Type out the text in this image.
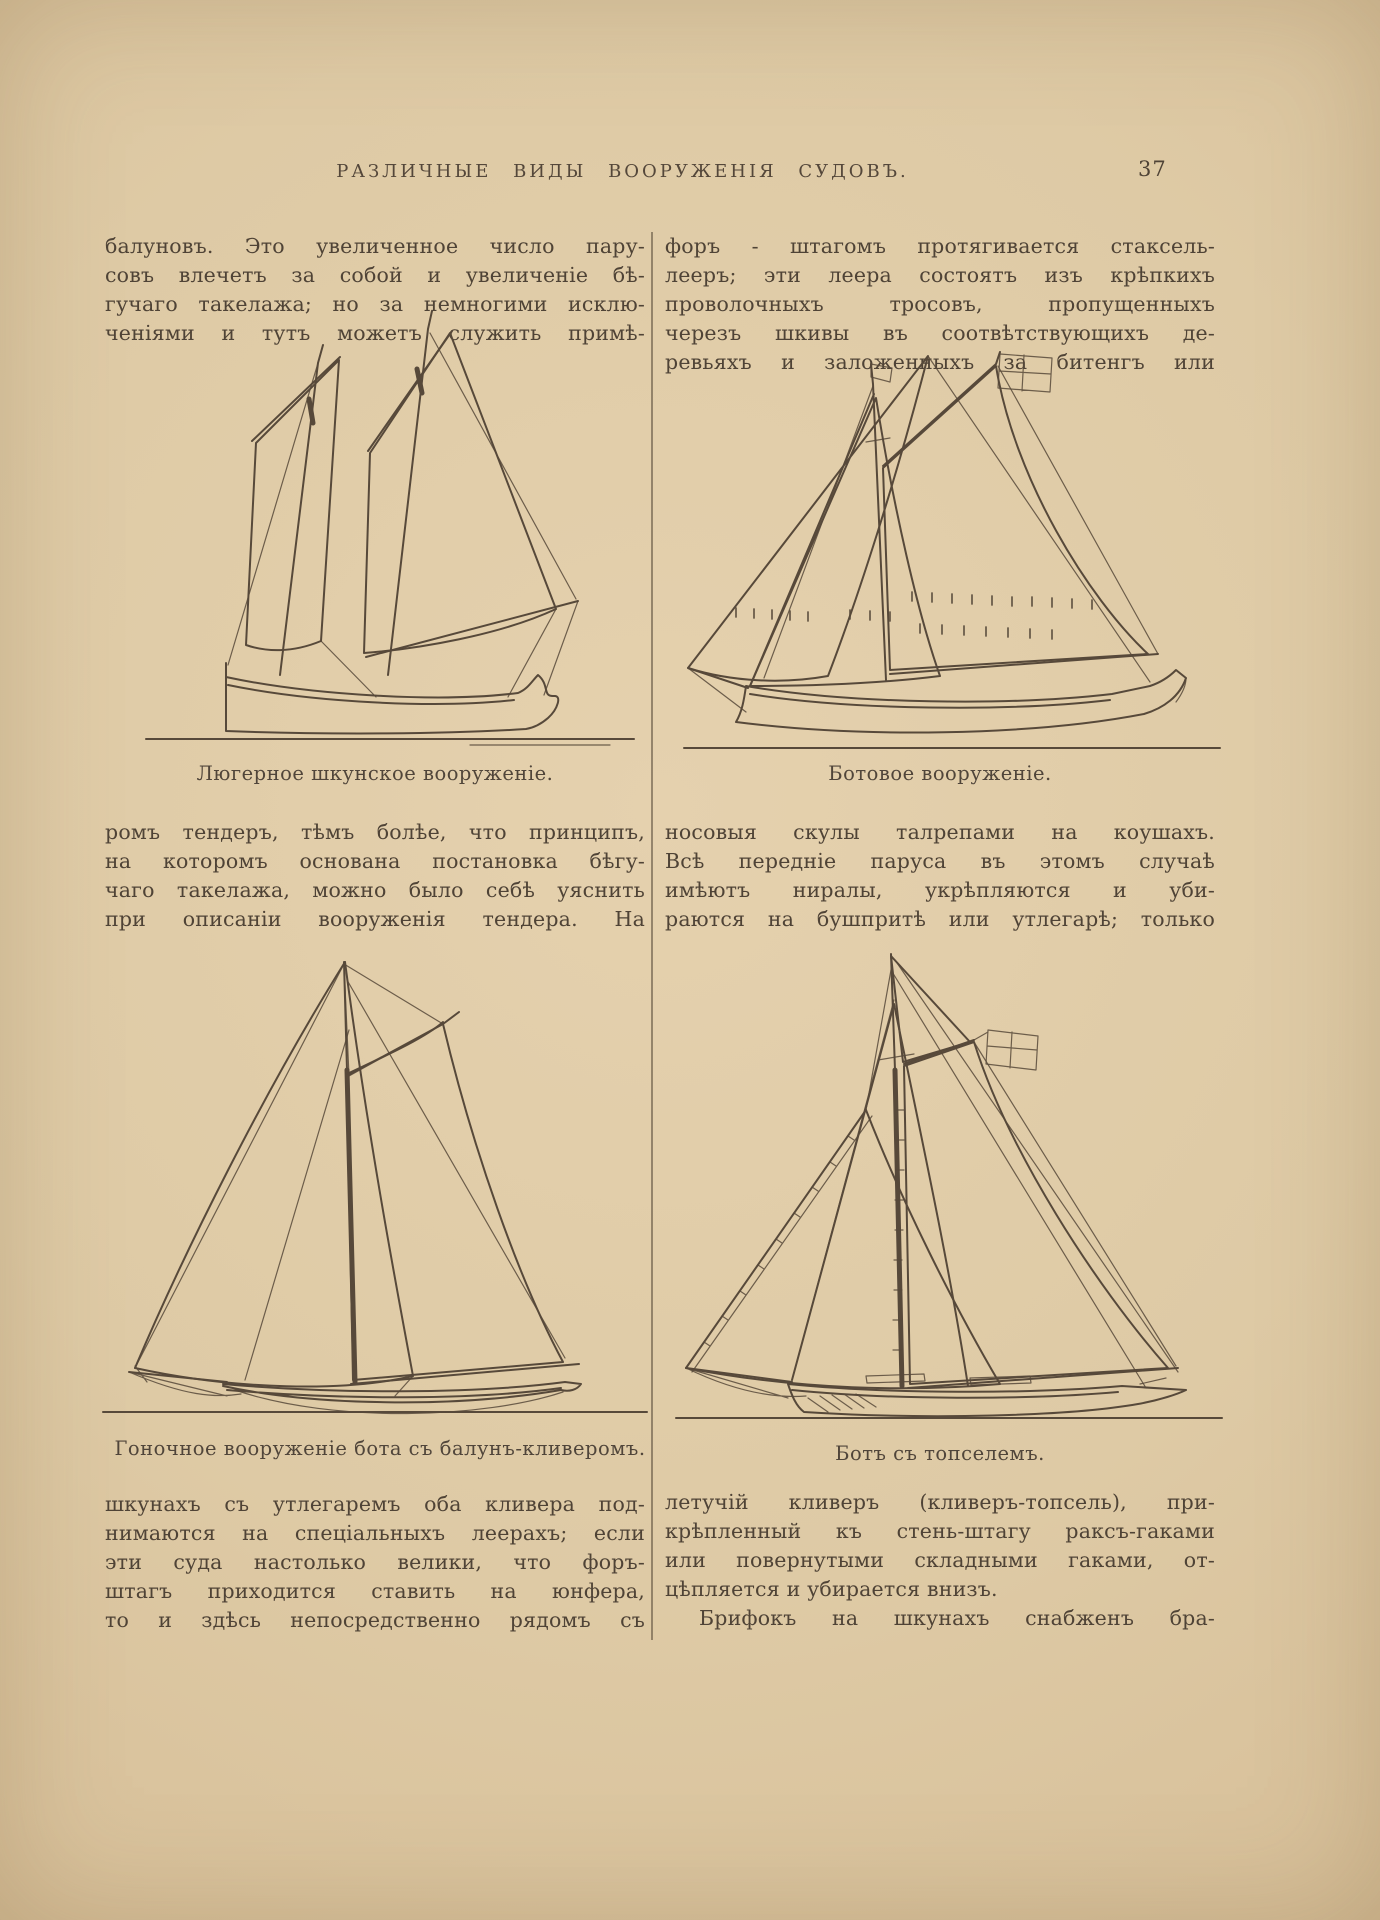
РАЗЛИЧНЫЕ ВИДЫ ВООРУЖЕНІЯ СУДОВЪ.	37
балуновъ. Это увеличенное число пару-
совъ влечетъ за собой и увеличеніе бѣ-
гучаго такелажа; но за немногими исклю-
ченіями и тутъ можетъ служить примѣ-
Люгерное шкунское вооруженіе.
ромъ тендеръ, тѣмъ болѣе, что принципъ,
на которомъ основана постановка бѣгу-
чаго такелажа, можно было себѣ уяснить
при описаніи вооруженія тендера. На
Гоночное вооруженіе бота съ балунъ-кливеромъ.
шкунахъ съ утлегаремъ оба кливера под-
нимаются на спеціальныхъ леерахъ; если
эти суда настолько велики, что форъ-
штагъ приходится ставить на юнфера,
то и здѣсь непосредственно рядомъ съ
форъ - штагомъ протягивается стаксель-
лееръ; эти леера состоятъ изъ крѣпкихъ
проволочныхъ тросовъ, пропущенныхъ
черезъ шкивы въ соотвѣтствующихъ де-
ревьяхъ и заложенныхъ за битенгъ или
Ботовое вооруженіе.
носовыя скулы талрепами на коушахъ.
Всѣ передніе паруса въ этомъ случаѣ
имѣютъ ниралы, укрѣпляются и уби-
раются на бушпритѣ или утлегарѣ; только
Ботъ съ топселемъ.
летучій кливеръ (кливеръ-топсель), при-
крѣпленный къ стень-штагу раксъ-гаками
или повернутыми складными гаками, от-
цѣпляется и убирается внизъ.
Брифокъ на шкунахъ снабженъ бра-
